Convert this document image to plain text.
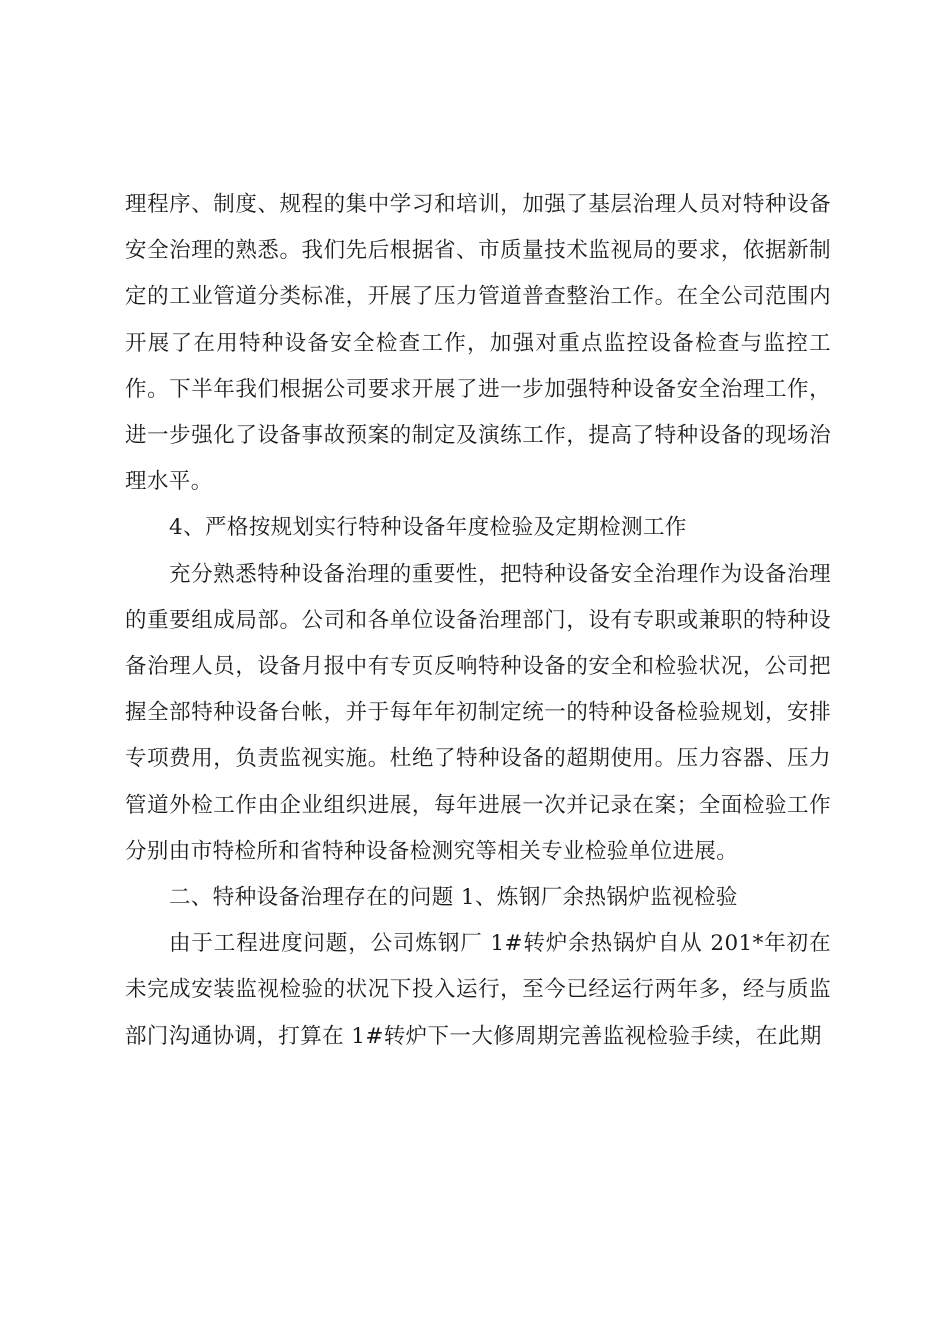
理程序、制度、规程的集中学习和培训，加强了基层治理人员对特种设备安全治理的熟悉。我们先后根据省、市质量技术监视局的要求，依据新制定的工业管道分类标准，开展了压力管道普查整治工作。在全公司范围内开展了在用特种设备安全检查工作，加强对重点监控设备检查与监控工作。下半年我们根据公司要求开展了进一步加强特种设备安全治理工作，进一步强化了设备事故预案的制定及演练工作，提高了特种设备的现场治理水平。

4、严格按规划实行特种设备年度检验及定期检测工作

充分熟悉特种设备治理的重要性，把特种设备安全治理作为设备治理的重要组成局部。公司和各单位设备治理部门，设有专职或兼职的特种设备治理人员，设备月报中有专页反响特种设备的安全和检验状况，公司把握全部特种设备台帐，并于每年年初制定统一的特种设备检验规划，安排专项费用，负责监视实施。杜绝了特种设备的超期使用。压力容器、压力管道外检工作由企业组织进展，每年进展一次并记录在案；全面检验工作分别由市特检所和省特种设备检测究等相关专业检验单位进展。

二、特种设备治理存在的问题 1、炼钢厂余热锅炉监视检验

由于工程进度问题，公司炼钢厂 1#转炉余热锅炉自从 201*年初在未完成安装监视检验的状况下投入运行，至今已经运行两年多，经与质监部门沟通协调，打算在 1#转炉下一大修周期完善监视检验手续，在此期
